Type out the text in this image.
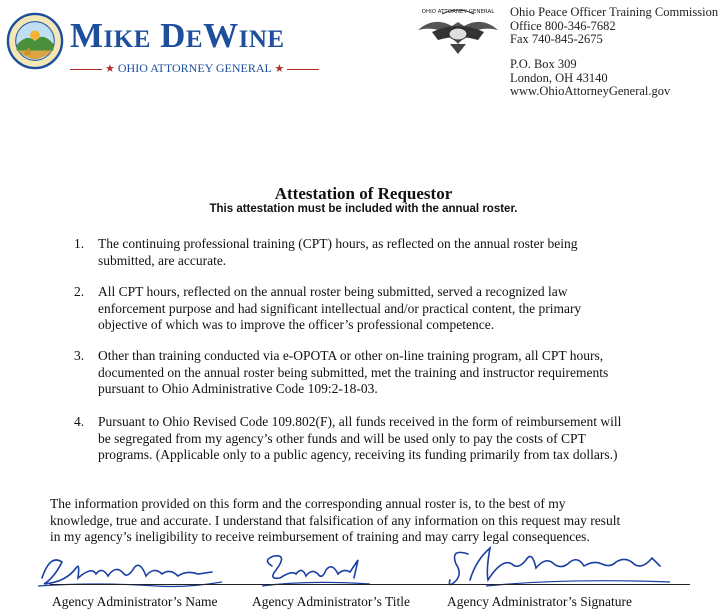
Mike DeWine
★ OHIO ATTORNEY GENERAL ★
OHIO ATTORNEY GENERAL Ohio Peace Officer Training Commission
Office 800-346-7682
Fax 740-845-2675
P.O. Box 309
London, OH 43140
www.OhioAttorneyGeneral.gov
Attestation of Requestor
This attestation must be included with the annual roster.
1. The continuing professional training (CPT) hours, as reflected on the annual roster being
submitted, are accurate.
2. All CPT hours, reflected on the annual roster being submitted, served a recognized law
enforcement purpose and had significant intellectual and/or practical content, the primary
objective of which was to improve the officer’s professional competence.
3. Other than training conducted via e-OPOTA or other on-line training program, all CPT hours,
documented on the annual roster being submitted, met the training and instructor requirements
pursuant to Ohio Administrative Code 109:2-18-03.
4. Pursuant to Ohio Revised Code 109.802(F), all funds received in the form of reimbursement will
be segregated from my agency’s other funds and will be used only to pay the costs of CPT
programs. (Applicable only to a public agency, receiving its funding primarily from tax dollars.)
The information provided on this form and the corresponding annual roster is, to the best of my
knowledge, true and accurate. I understand that falsification of any information on this request may result
in my agency’s ineligibility to receive reimbursement of training and may carry legal consequences.
Agency Administrator’s Name	Agency Administrator’s Title	Agency Administrator’s Signature
